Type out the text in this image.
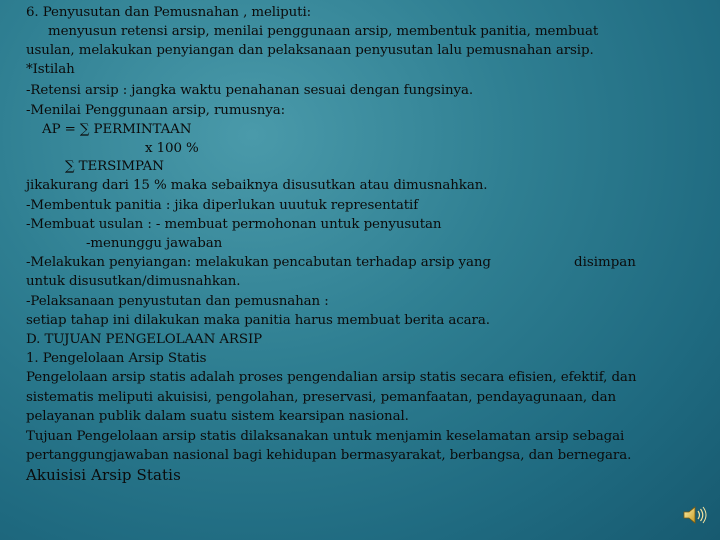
6. Penyusutan dan Pemusnahan , meliputi:
menyusun retensi arsip, menilai penggunaan arsip, membentuk panitia, membuat
usulan, melakukan penyiangan dan pelaksanaan penyusutan lalu pemusnahan arsip.
*Istilah
-Retensi arsip : jangka waktu penahanan sesuai dengan fungsinya.
-Menilai Penggunaan arsip, rumusnya:
AP = ∑ PERMINTAAN
x 100 %
∑ TERSIMPAN
jikakurang dari 15 % maka sebaiknya disusutkan atau dimusnahkan.
-Membentuk panitia : jika diperlukan uuutuk representatif
-Membuat usulan : - membuat permohonan untuk penyusutan
-menunggu jawaban
-Melakukan penyiangan: melakukan pencabutan terhadap arsip yang	disimpan
untuk disusutkan/dimusnahkan.
-Pelaksanaan penyustutan dan pemusnahan :
setiap tahap ini dilakukan maka panitia harus membuat berita acara.
D. TUJUAN PENGELOLAAN ARSIP
1. Pengelolaan Arsip Statis
Pengelolaan arsip statis adalah proses pengendalian arsip statis secara efisien, efektif, dan
sistematis meliputi akuisisi, pengolahan, preservasi, pemanfaatan, pendayagunaan, dan
pelayanan publik dalam suatu sistem kearsipan nasional.
Tujuan Pengelolaan arsip statis dilaksanakan untuk menjamin keselamatan arsip sebagai
pertanggungjawaban nasional bagi kehidupan bermasyarakat, berbangsa, dan bernegara.
Akuisisi Arsip Statis
